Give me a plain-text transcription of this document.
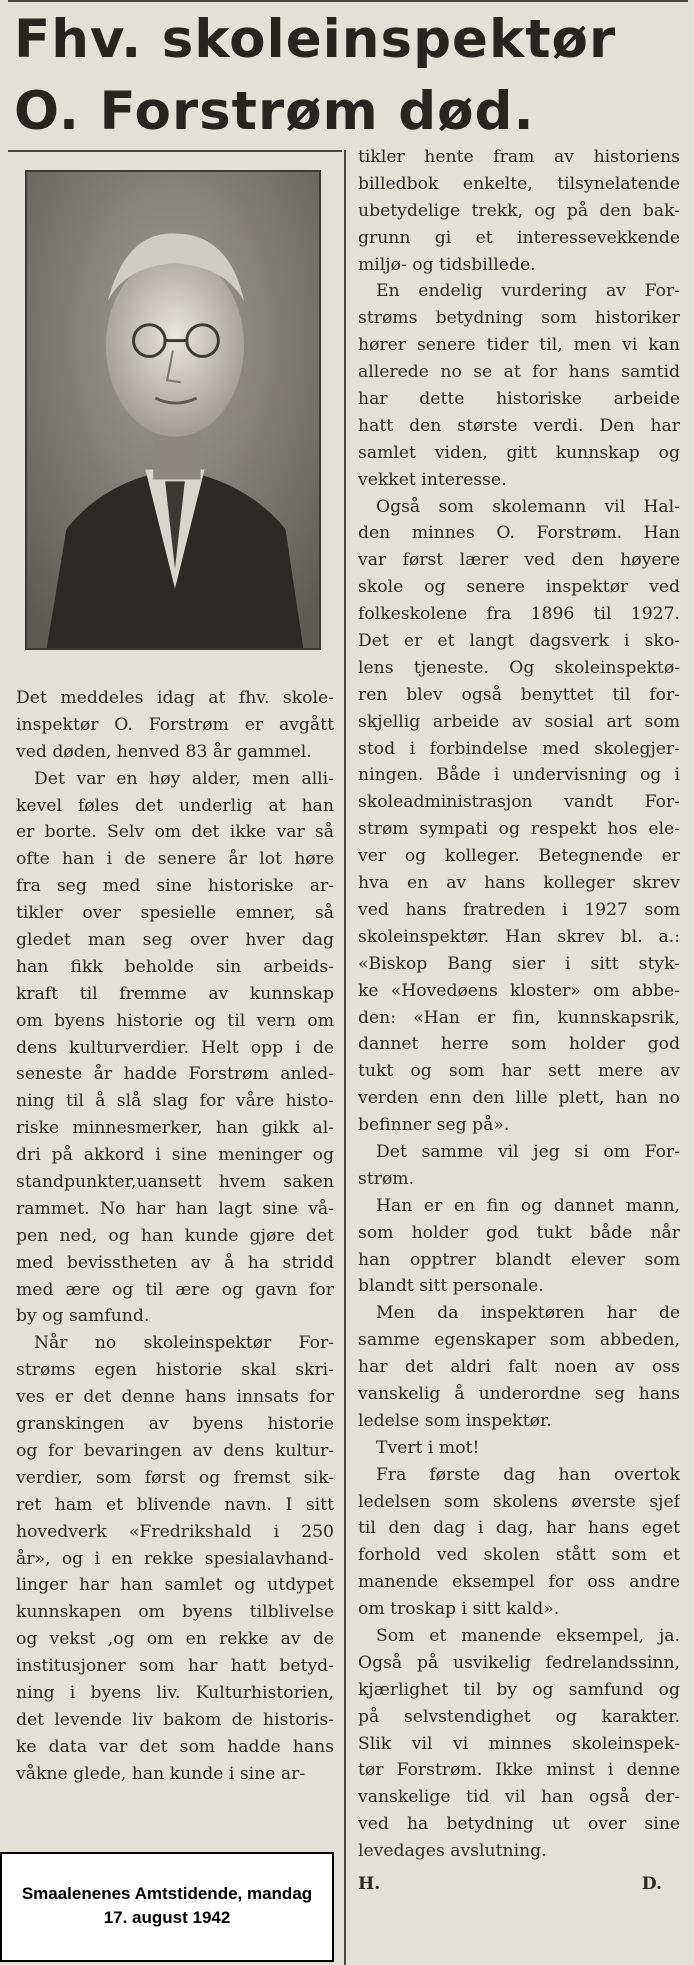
Fhv. skoleinspektør
O. Forstrøm død.
Det meddeles idag at fhv. skole-
inspektør O. Forstrøm er avgått
ved døden, henved 83 år gammel.
Det var en høy alder, men alli-
kevel føles det underlig at han
er borte. Selv om det ikke var så
ofte han i de senere år lot høre
fra seg med sine historiske ar-
tikler over spesielle emner, så
gledet man seg over hver dag
han fikk beholde sin arbeids-
kraft til fremme av kunnskap
om byens historie og til vern om
dens kulturverdier. Helt opp i de
seneste år hadde Forstrøm anled-
ning til å slå slag for våre histo-
riske minnesmerker, han gikk al-
dri på akkord i sine meninger og
standpunkter,uansett hvem saken
rammet. No har han lagt sine vå-
pen ned, og han kunde gjøre det
med bevisstheten av å ha stridd
med ære og til ære og gavn for
by og samfund.
Når no skoleinspektør For-
strøms egen historie skal skri-
ves er det denne hans innsats for
granskingen av byens historie
og for bevaringen av dens kultur-
verdier, som først og fremst sik-
ret ham et blivende navn. I sitt
hovedverk «Fredrikshald i 250
år», og i en rekke spesialavhand-
linger har han samlet og utdypet
kunnskapen om byens tilblivelse
og vekst ,og om en rekke av de
institusjoner som har hatt betyd-
ning i byens liv. Kulturhistorien,
det levende liv bakom de historis-
ke data var det som hadde hans
våkne glede, han kunde i sine ar-
tikler hente fram av historiens
billedbok enkelte, tilsynelatende
ubetydelige trekk, og på den bak-
grunn gi et interessevekkende
miljø- og tidsbillede.
En endelig vurdering av For-
strøms betydning som historiker
hører senere tider til, men vi kan
allerede no se at for hans samtid
har dette historiske arbeide
hatt den største verdi. Den har
samlet viden, gitt kunnskap og
vekket interesse.
Også som skolemann vil Hal-
den minnes O. Forstrøm. Han
var først lærer ved den høyere
skole og senere inspektør ved
folkeskolene fra 1896 til 1927.
Det er et langt dagsverk i sko-
lens tjeneste. Og skoleinspektø-
ren blev også benyttet til for-
skjellig arbeide av sosial art som
stod i forbindelse med skolegjer-
ningen. Både i undervisning og i
skoleadministrasjon vandt For-
strøm sympati og respekt hos ele-
ver og kolleger. Betegnende er
hva en av hans kolleger skrev
ved hans fratreden i 1927 som
skoleinspektør. Han skrev bl. a.:
«Biskop Bang sier i sitt styk-
ke «Hovedøens kloster» om abbe-
den: «Han er fin, kunnskapsrik,
dannet herre som holder god
tukt og som har sett mere av
verden enn den lille plett, han no
befinner seg på».
Det samme vil jeg si om For-
strøm.
Han er en fin og dannet mann,
som holder god tukt både når
han opptrer blandt elever som
blandt sitt personale.
Men da inspektøren har de
samme egenskaper som abbeden,
har det aldri falt noen av oss
vanskelig å underordne seg hans
ledelse som inspektør.
Tvert i mot!
Fra første dag han overtok
ledelsen som skolens øverste sjef
til den dag i dag, har hans eget
forhold ved skolen stått som et
manende eksempel for oss andre
om troskap i sitt kald».
Som et manende eksempel, ja.
Også på usvikelig fedrelandssinn,
kjærlighet til by og samfund og
på selvstendighet og karakter.
Slik vil vi minnes skoleinspek-
tør Forstrøm. Ikke minst i denne
vanskelige tid vil han også der-
ved ha betydning ut over sine
levedages avslutning.
H. D.
Smaalenenes Amtstidende, mandag
17. august 1942
